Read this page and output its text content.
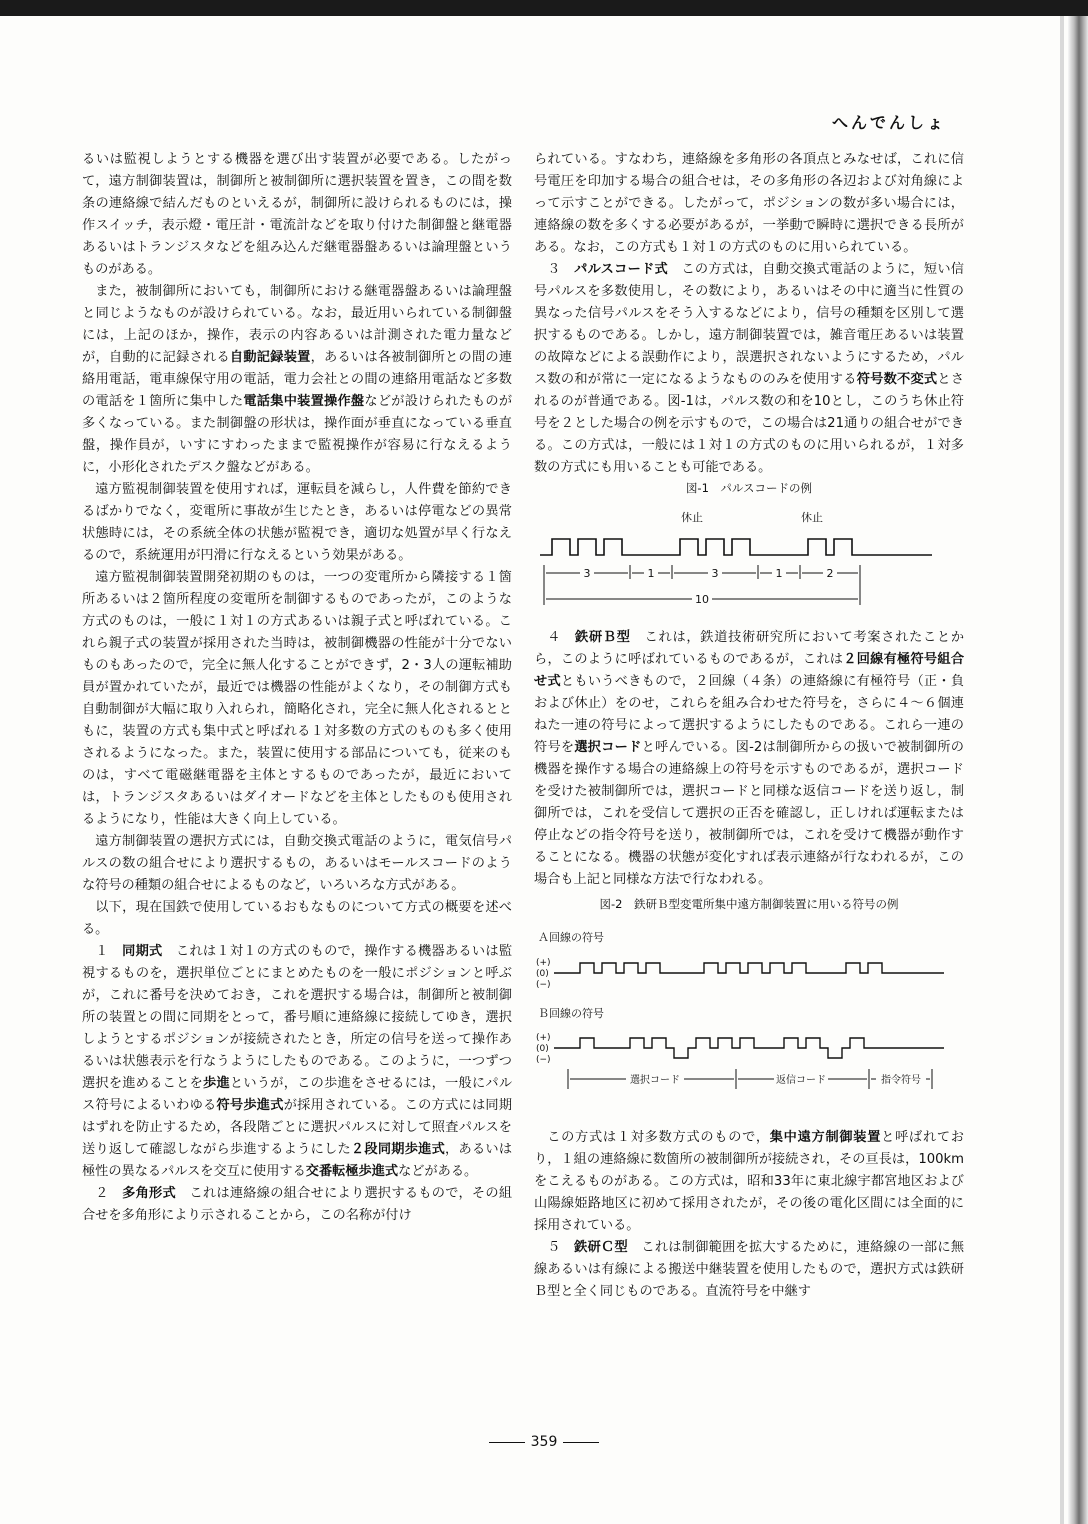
へんでんしょ

るいは監視しようとする機器を選び出す装置が必要である。したがって，遠方制御装置は，制御所と被制御所に選択装置を置き，この間を数条の連絡線で結んだものといえるが，制御所に設けられるものには，操作スイッチ，表示燈・電圧計・電流計などを取り付けた制御盤と継電器あるいはトランジスタなどを組み込んだ継電器盤あるいは論理盤というものがある。

また，被制御所においても，制御所における継電器盤あるいは論理盤と同じようなものが設けられている。なお，最近用いられている制御盤には，上記のほか，操作，表示の内容あるいは計測された電力量などが，自動的に記録される自動記録装置，あるいは各被制御所との間の連絡用電話，電車線保守用の電話，電力会社との間の連絡用電話など多数の電話を１箇所に集中した電話集中装置操作盤などが設けられたものが多くなっている。また制御盤の形状は，操作面が垂直になっている垂直盤，操作員が，いすにすわったままで監視操作が容易に行なえるように，小形化されたデスク盤などがある。

遠方監視制御装置を使用すれば，運転員を減らし，人件費を節約できるばかりでなく，変電所に事故が生じたとき，あるいは停電などの異常状態時には，その系統全体の状態が監視でき，適切な処置が早く行なえるので，系統運用が円滑に行なえるという効果がある。

遠方監視制御装置開発初期のものは，一つの変電所から隣接する１箇所あるいは２箇所程度の変電所を制御するものであったが，このような方式のものは，一般に１対１の方式あるいは親子式と呼ばれている。これら親子式の装置が採用された当時は，被制御機器の性能が十分でないものもあったので，完全に無人化することができず，2・3人の運転補助員が置かれていたが，最近では機器の性能がよくなり，その制御方式も自動制御が大幅に取り入れられ，簡略化され，完全に無人化されるとともに，装置の方式も集中式と呼ばれる１対多数の方式のものも多く使用されるようになった。また，装置に使用する部品についても，従来のものは，すべて電磁継電器を主体とするものであったが，最近においては，トランジスタあるいはダイオードなどを主体としたものも使用されるようになり，性能は大きく向上している。

遠方制御装置の選択方式には，自動交換式電話のように，電気信号パルスの数の組合せにより選択するもの，あるいはモールスコードのような符号の種類の組合せによるものなど，いろいろな方式がある。

以下，現在国鉄で使用しているおもなものについて方式の概要を述べる。

１　同期式　これは１対１の方式のもので，操作する機器あるいは監視するものを，選択単位ごとにまとめたものを一般にポジションと呼ぶが，これに番号を決めておき，これを選択する場合は，制御所と被制御所の装置との間に同期をとって，番号順に連絡線に接続してゆき，選択しようとするポジションが接続されたとき，所定の信号を送って操作あるいは状態表示を行なうようにしたものである。このように，一つずつ選択を進めることを歩進というが，この歩進をさせるには，一般にパルス符号によるいわゆる符号歩進式が採用されている。この方式には同期はずれを防止するため，各段階ごとに選択パルスに対して照査パルスを送り返して確認しながら歩進するようにした２段同期歩進式，あるいは極性の異なるパルスを交互に使用する交番転極歩進式などがある。

２　多角形式　これは連絡線の組合せにより選択するもので，その組合せを多角形により示されることから，この名称が付け

られている。すなわち，連絡線を多角形の各頂点とみなせば，これに信号電圧を印加する場合の組合せは，その多角形の各辺および対角線によって示すことができる。したがって，ポジションの数が多い場合には，連絡線の数を多くする必要があるが，一挙動で瞬時に選択できる長所がある。なお，この方式も１対１の方式のものに用いられている。

３　パルスコード式　この方式は，自動交換式電話のように，短い信号パルスを多数使用し，その数により，あるいはその中に適当に性質の異なった信号パルスをそう入するなどにより，信号の種類を区別して選択するものである。しかし，遠方制御装置では，雑音電圧あるいは装置の故障などによる誤動作により，誤選択されないようにするため，パルス数の和が常に一定になるようなもののみを使用する符号数不変式とされるのが普通である。図-1は，パルス数の和を10とし，このうち休止符号を２とした場合の例を示すもので，この場合は21通りの組合せができる。この方式は，一般には１対１の方式のものに用いられるが，１対多数の方式にも用いることも可能である。

図-1　パルスコードの例
休止	休止
3	1	3	1	2
10

４　鉄研Ｂ型　これは，鉄道技術研究所において考案されたことから，このように呼ばれているものであるが，これは２回線有極符号組合せ式ともいうべきもので，２回線（４条）の連絡線に有極符号（正・負および休止）をのせ，これらを組み合わせた符号を，さらに４～６個連ねた一連の符号によって選択するようにしたものである。これら一連の符号を選択コードと呼んでいる。図-2は制御所からの扱いで被制御所の機器を操作する場合の連絡線上の符号を示すものであるが，選択コードを受けた被制御所では，選択コードと同様な返信コードを送り返し，制御所では，これを受信して選択の正否を確認し，正しければ運転または停止などの指令符号を送り，被制御所では，これを受けて機器が動作することになる。機器の状態が変化すれば表示連絡が行なわれるが，この場合も上記と同様な方法で行なわれる。

図-2　鉄研Ｂ型変電所集中遠方制御装置に用いる符号の例
Ａ回線の符号
(+)
(0)
(−)
Ｂ回線の符号
(+)
(0)
(−)
選択コード	返信コード	指令符号

この方式は１対多数方式のもので，集中遠方制御装置と呼ばれており，１組の連絡線に数箇所の被制御所が接続され，その亘長は，100kmをこえるものがある。この方式は，昭和33年に東北線宇都宮地区および山陽線姫路地区に初めて採用されたが，その後の電化区間には全面的に採用されている。

５　鉄研Ｃ型　これは制御範囲を拡大するために，連絡線の一部に無線あるいは有線による搬送中継装置を使用したもので，選択方式は鉄研Ｂ型と全く同じものである。直流符号を中継す

359
